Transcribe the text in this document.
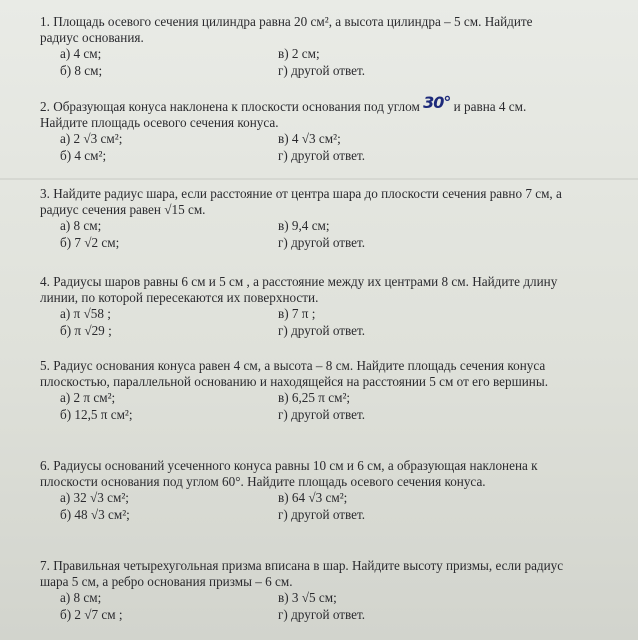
1. Площадь осевого сечения цилиндра равна 20 см², а высота цилиндра – 5 см. Найдите радиус основания.

а) 4 см;	в) 2 см;
б) 8 см;	г) другой ответ.

2. Образующая конуса наклонена к плоскости основания под углом 30° и равна 4 см. Найдите площадь осевого сечения конуса.

а) 2 √3 см²;	в) 4 √3 см²;
б) 4 см²;	г) другой ответ.

3. Найдите радиус шара, если расстояние от центра шара до плоскости сечения равно 7 см, а радиус сечения равен √15 см.

а) 8 см;	в) 9,4 см;
б) 7 √2 см;	г) другой ответ.

4. Радиусы шаров равны 6 см и 5 см , а расстояние между их центрами 8 см. Найдите длину линии, по которой пересекаются их поверхности.

а) π √58 ;	в) 7 π ;
б) π √29 ;	г) другой ответ.

5. Радиус основания конуса равен 4 см, а высота – 8 см. Найдите площадь сечения конуса плоскостью, параллельной основанию и находящейся на расстоянии 5 см от его вершины.

а) 2 π см²;	в) 6,25 π см²;
б) 12,5 π см²;	г) другой ответ.

6. Радиусы оснований усеченного конуса равны 10 см и 6 см, а образующая наклонена к плоскости основания под углом 60°. Найдите площадь осевого сечения конуса.

а) 32 √3 см²;	в) 64 √3 см²;
б) 48 √3 см²;	г) другой ответ.

7. Правильная четырехугольная призма вписана в шар. Найдите высоту призмы, если радиус шара 5 см, а ребро основания призмы – 6 см.

а) 8 см;	в) 3 √5 см;
б) 2 √7 см ;	г) другой ответ.
